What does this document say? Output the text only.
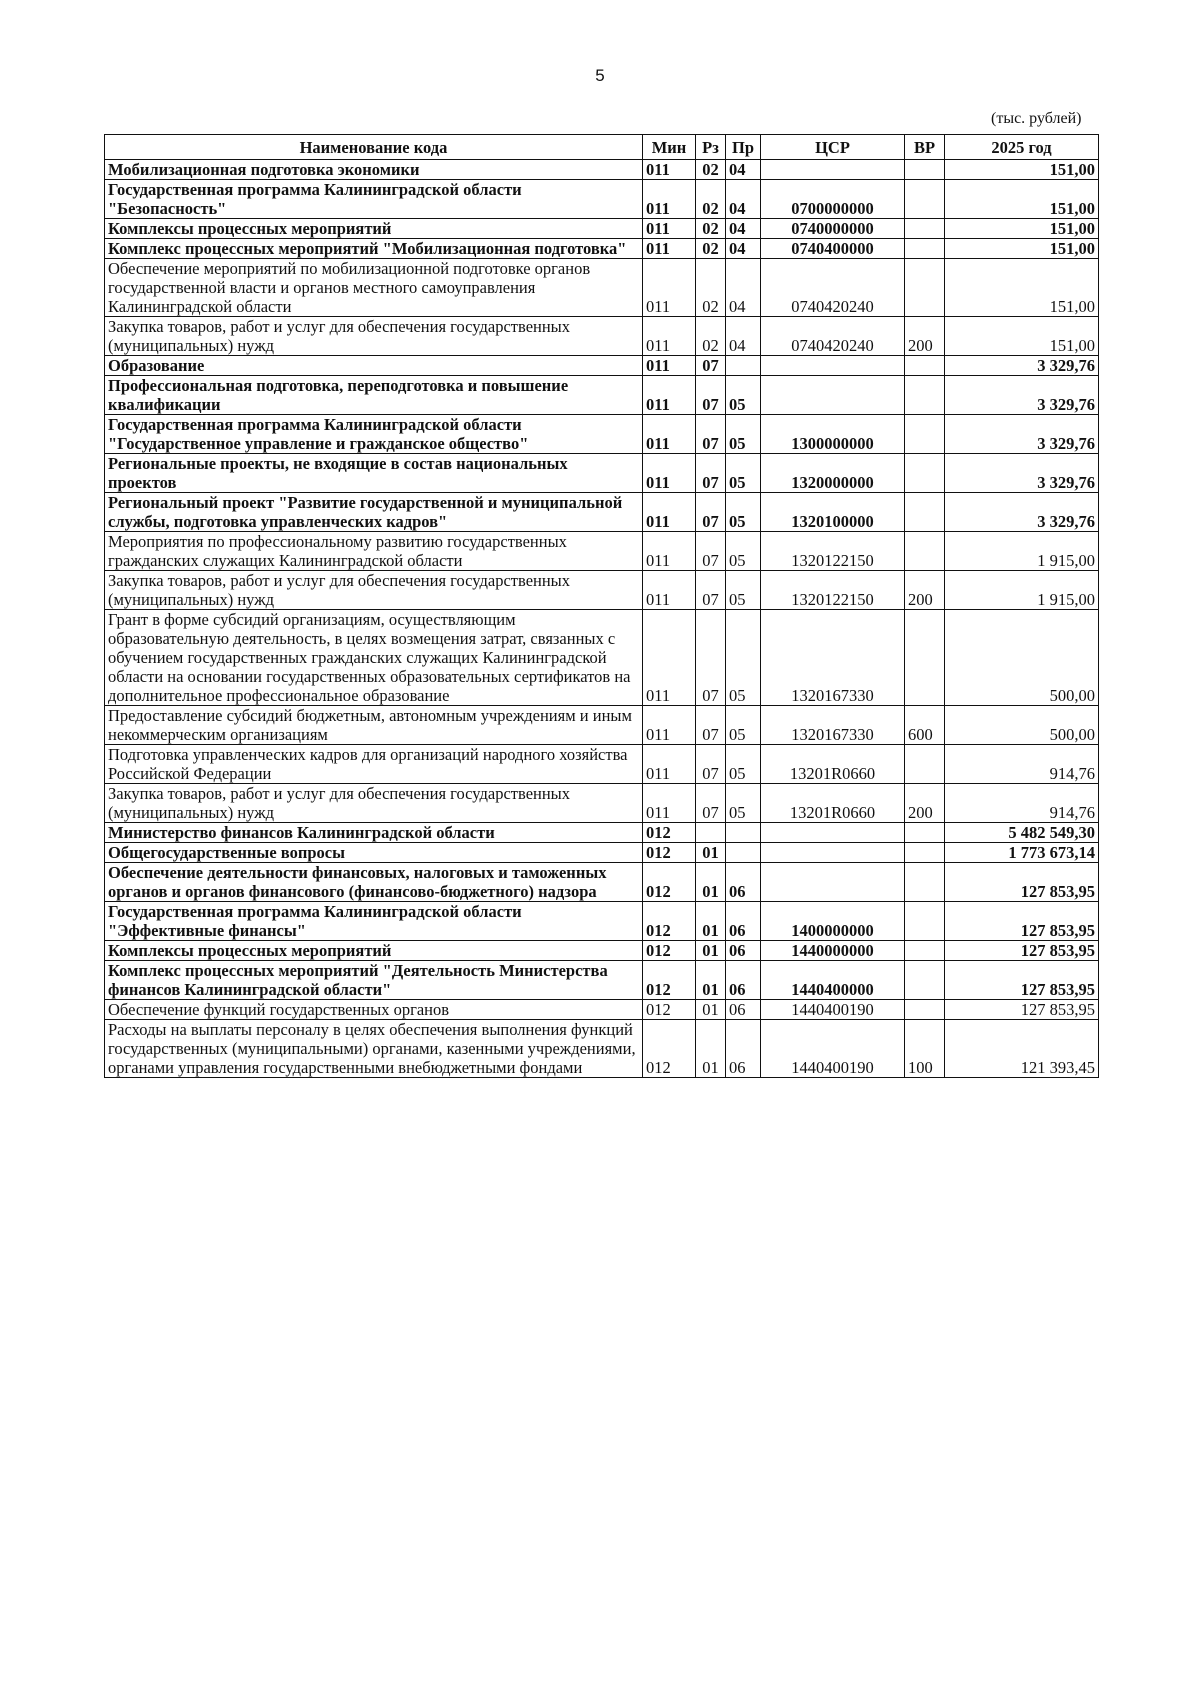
5
(тыс. рублей)
Наименование кода	Мин	Рз	Пр	ЦСР	ВР	2025 год
Мобилизационная подготовка экономики	011	02	04			151,00
Государственная программа Калининградской области "Безопасность"	011	02	04	0700000000		151,00
Комплексы процессных мероприятий	011	02	04	0740000000		151,00
Комплекс процессных мероприятий "Мобилизационная подготовка"	011	02	04	0740400000		151,00
Обеспечение мероприятий по мобилизационной подготовке органов государственной власти и органов местного самоуправления Калининградской области	011	02	04	0740420240		151,00
Закупка товаров, работ и услуг для обеспечения государственных (муниципальных) нужд	011	02	04	0740420240	200	151,00
Образование	011	07				3 329,76
Профессиональная подготовка, переподготовка и повышение квалификации	011	07	05			3 329,76
Государственная программа Калининградской области "Государственное управление и гражданское общество"	011	07	05	1300000000		3 329,76
Региональные проекты, не входящие в состав национальных проектов	011	07	05	1320000000		3 329,76
Региональный проект "Развитие государственной и муниципальной службы, подготовка управленческих кадров"	011	07	05	1320100000		3 329,76
Мероприятия по профессиональному развитию государственных гражданских служащих Калининградской области	011	07	05	1320122150		1 915,00
Закупка товаров, работ и услуг для обеспечения государственных (муниципальных) нужд	011	07	05	1320122150	200	1 915,00
Грант в форме субсидий организациям, осуществляющим образовательную деятельность, в целях возмещения затрат, связанных с обучением государственных гражданских служащих Калининградской области на основании государственных образовательных сертификатов на дополнительное профессиональное образование	011	07	05	1320167330		500,00
Предоставление субсидий бюджетным, автономным учреждениям и иным некоммерческим организациям	011	07	05	1320167330	600	500,00
Подготовка управленческих кадров для организаций народного хозяйства Российской Федерации	011	07	05	13201R0660		914,76
Закупка товаров, работ и услуг для обеспечения государственных (муниципальных) нужд	011	07	05	13201R0660	200	914,76
Министерство финансов Калининградской области	012					5 482 549,30
Общегосударственные вопросы	012	01				1 773 673,14
Обеспечение деятельности финансовых, налоговых и таможенных органов и органов финансового (финансово-бюджетного) надзора	012	01	06			127 853,95
Государственная программа Калининградской области "Эффективные финансы"	012	01	06	1400000000		127 853,95
Комплексы процессных мероприятий	012	01	06	1440000000		127 853,95
Комплекс процессных мероприятий "Деятельность Министерства финансов Калининградской области"	012	01	06	1440400000		127 853,95
Обеспечение функций государственных органов	012	01	06	1440400190		127 853,95
Расходы на выплаты персоналу в целях обеспечения выполнения функций государственных (муниципальными) органами, казенными учреждениями, органами управления государственными внебюджетными фондами	012	01	06	1440400190	100	121 393,45
